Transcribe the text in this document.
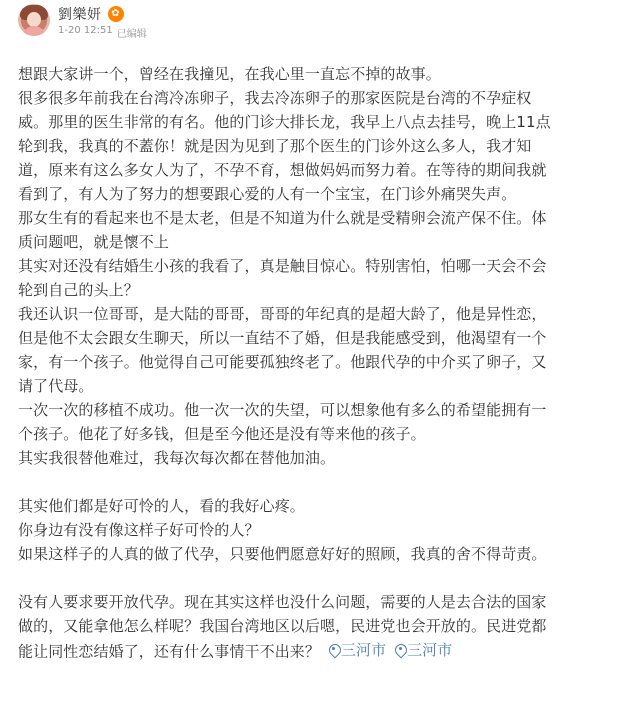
劉樂妍 ✿
1-20 12:51 已编辑
想跟大家讲一个，曾经在我撞见，在我心里一直忘不掉的故事。
很多很多年前我在台湾冷冻卵子，我去冷冻卵子的那家医院是台湾的不孕症权
威。那里的医生非常的有名。他的门诊大排长龙，我早上八点去挂号，晚上11点
轮到我，我真的不蓋你！就是因为见到了那个医生的门诊外这么多人，我才知
道，原来有这么多女人为了，不孕不育，想做妈妈而努力着。在等待的期间我就
看到了，有人为了努力的想要跟心爱的人有一个宝宝，在门诊外痛哭失声。
那女生有的看起来也不是太老，但是不知道为什么就是受精卵会流产保不住。体
质问题吧，就是懷不上
其实对还没有结婚生小孩的我看了，真是触目惊心。特别害怕，怕哪一天会不会
轮到自己的头上？
我还认识一位哥哥，是大陆的哥哥，哥哥的年纪真的是超大龄了，他是异性恋，
但是他不太会跟女生聊天，所以一直结不了婚，但是我能感受到，他渴望有一个
家，有一个孩子。他觉得自己可能要孤独终老了。他跟代孕的中介买了卵子，又
请了代母。
一次一次的移植不成功。他一次一次的失望，可以想象他有多么的希望能拥有一
个孩子。他花了好多钱，但是至今他还是没有等来他的孩子。
其实我很替他难过，我每次每次都在替他加油。
其实他们都是好可怜的人，看的我好心疼。
你身边有没有像这样子好可怜的人？
如果这样子的人真的做了代孕，只要他們愿意好好的照顾，我真的舍不得苛责。
没有人要求要开放代孕。现在其实这样也没什么问题，需要的人是去合法的国家
做的，又能拿他怎么样呢？我国台湾地区以后嗯，民进党也会开放的。民进党都
能让同性恋结婚了，还有什么事情干不出来？ 三河市
三河市
